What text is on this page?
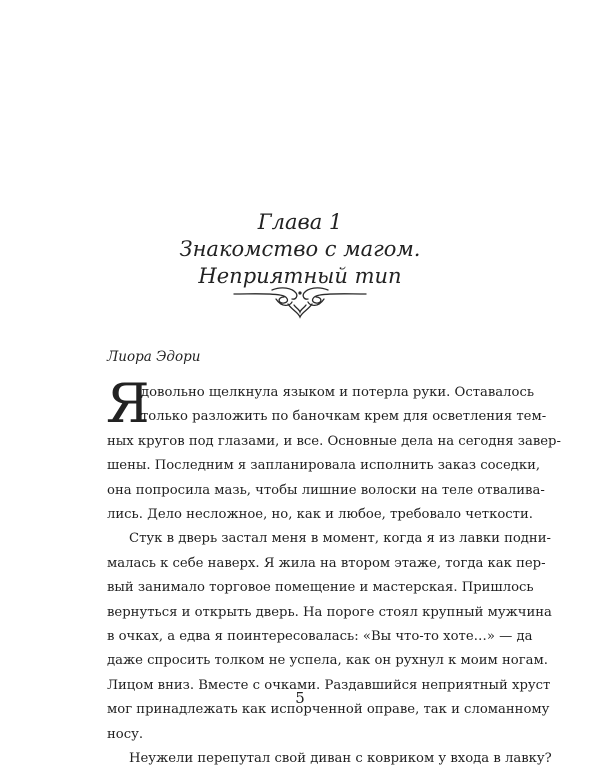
Глава 1
Знакомство с магом.
Неприятный тип
Лиора Эдори
Я
довольно щелкнула языком и потерла руки. Оставалось
только разложить по баночкам крем для осветления тем-
ных кругов под глазами, и все. Основные дела на сегодня завер-
шены. Последним я запланировала исполнить заказ соседки,
она попросила мазь, чтобы лишние волоски на теле отвалива-
лись. Дело несложное, но, как и любое, требовало четкости.
Стук в дверь застал меня в момент, когда я из лавки подни-
малась к себе наверх. Я жила на втором этаже, тогда как пер-
вый занимало торговое помещение и мастерская. Пришлось
вернуться и открыть дверь. На пороге стоял крупный мужчина
в очках, а едва я поинтересовалась: «Вы что-то хоте…» — да
даже спросить толком не успела, как он рухнул к моим ногам.
Лицом вниз. Вместе с очками. Раздавшийся неприятный хруст
мог принадлежать как испорченной оправе, так и сломанному
носу.
Неужели перепутал свой диван с ковриком у входа в лавку?
5
